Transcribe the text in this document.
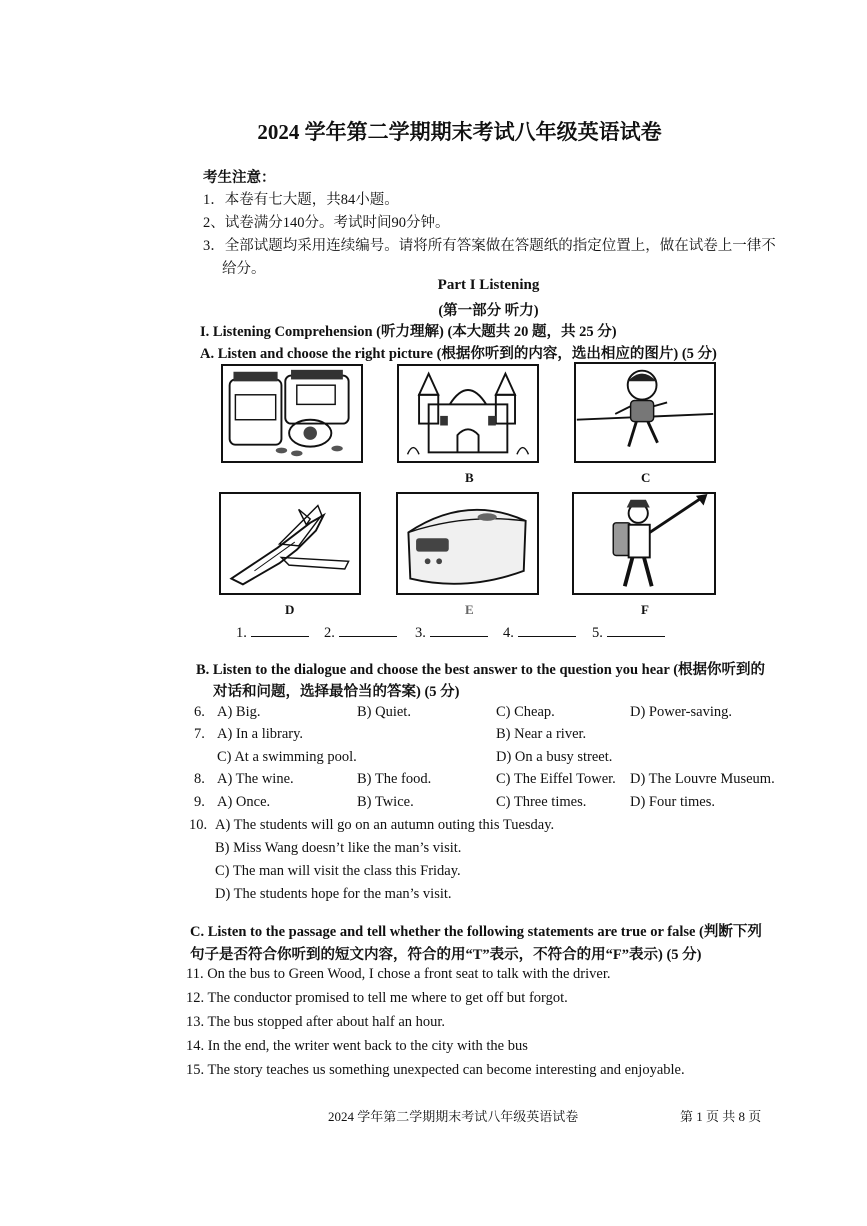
2024 学年第二学期期末考试八年级英语试卷
考生注意：
1．本卷有七大题，共84小题。
2、试卷满分140分。考试时间90分钟。
3．全部试题均采用连续编号。请将所有答案做在答题纸的指定位置上，做在试卷上一律不
给分。
Part I Listening
(第一部分 听力)
I. Listening Comprehension (听力理解) (本大题共 20 题，共 25 分)
A. Listen and choose the right picture (根据你听到的内容，选出相应的图片) (5 分)
B	C
D	E	F
1.	2.	3.	4.	5.
B. Listen to the dialogue and choose the best answer to the question you hear (根据你听到的
对话和问题，选择最恰当的答案) (5 分)
6. A) Big.	B) Quiet.	C) Cheap.	D) Power-saving.
7. A) In a library.	B) Near a river.
C) At a swimming pool.	D) On a busy street.
8. A) The wine.	B) The food.	C) The Eiffel Tower. D) The Louvre Museum.
9. A) Once.	B) Twice.	C) Three times.	D) Four times.
10. A) The students will go on an autumn outing this Tuesday.
B) Miss Wang doesn’t like the man’s visit.
C) The man will visit the class this Friday.
D) The students hope for the man’s visit.
C. Listen to the passage and tell whether the following statements are true or false (判断下列
句子是否符合你听到的短文内容，符合的用“T”表示，不符合的用“F”表示) (5 分)
11. On the bus to Green Wood, I chose a front seat to talk with the driver.
12. The conductor promised to tell me where to get off but forgot.
13. The bus stopped after about half an hour.
14. In the end, the writer went back to the city with the bus
15. The story teaches us something unexpected can become interesting and enjoyable.
2024 学年第二学期期末考试八年级英语试卷	第 1 页 共 8 页
